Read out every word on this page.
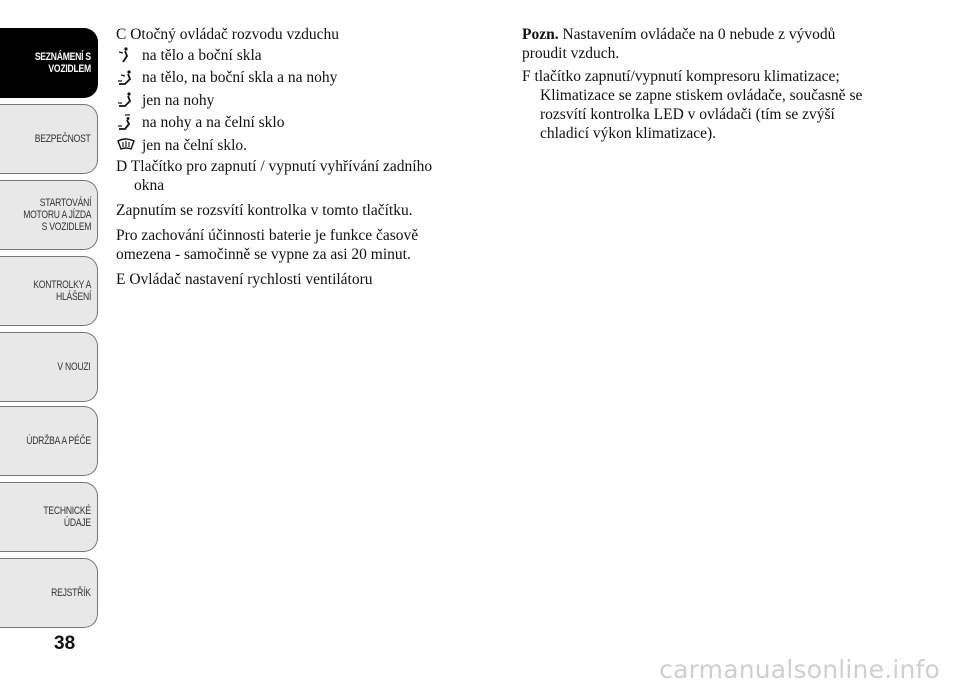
SEZNÁMENÍ S
VOZIDLEM
BEZPEČNOST
STARTOVÁNÍ
MOTORU A JÍZDA
S VOZIDLEM
KONTROLKY A
HLÁŠENÍ
V NOUZI
ÚDRŽBA A PÉČE
TECHNICKÉ
ÚDAJE
REJSTŘÍK
38

C Otočný ovládač rozvodu vzduchu

na tělo a boční skla
na tělo, na boční skla a na nohy
jen na nohy
na nohy a na čelní sklo
jen na čelní sklo.

D Tlačítko pro zapnutí / vypnutí vyhřívání zadního

okna

Zapnutím se rozsvítí kontrolka v tomto tlačítku.

Pro zachování účinnosti baterie je funkce časově

omezena - samočinně se vypne za asi 20 minut.

E Ovládač nastavení rychlosti ventilátoru

Pozn. Nastavením ovládače na 0 nebude z vývodů

proudit vzduch.

F tlačítko zapnutí/vypnutí kompresoru klimatizace;

Klimatizace se zapne stiskem ovládače, současně se

rozsvítí kontrolka LED v ovládači (tím se zvýší

chladicí výkon klimatizace).

carmanualsonline.info
